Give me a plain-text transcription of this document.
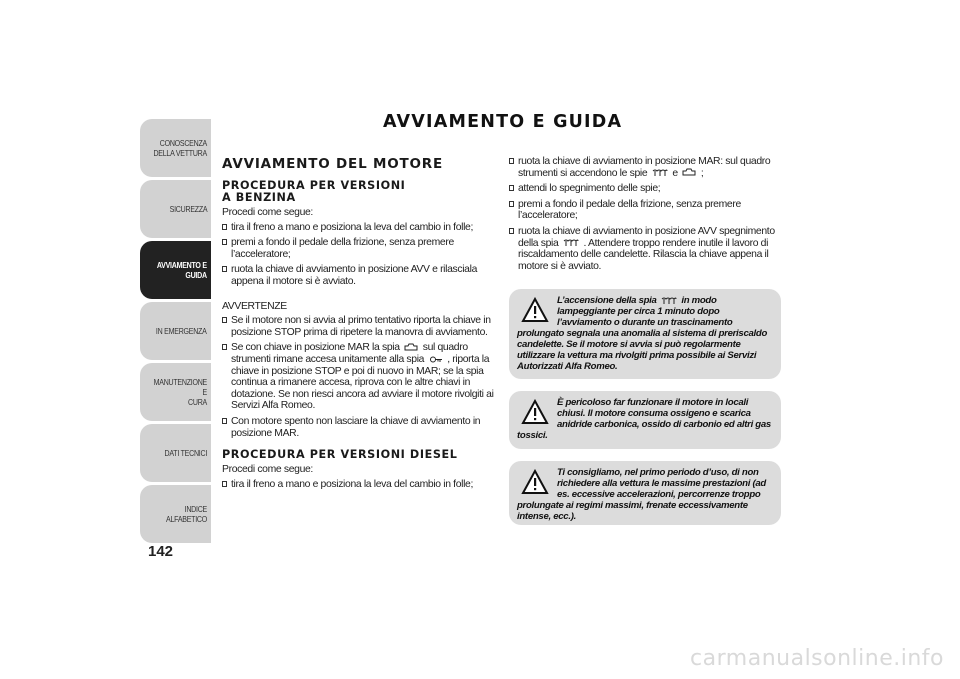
CONOSCENZA
DELLA VETTURA
SICUREZZA
AVVIAMENTO E
GUIDA
IN EMERGENZA
MANUTENZIONE E
CURA
DATI TECNICI
INDICE ALFABETICO
142
AVVIAMENTO E GUIDA
AVVIAMENTO DEL MOTORE
PROCEDURA PER VERSIONI A BENZINA
Procedi come segue:
tira il freno a mano e posiziona la leva del cambio in folle;
premi a fondo il pedale della frizione, senza premere l’acceleratore;
ruota la chiave di avviamento in posizione AVV e rilasciala appena il motore si è avviato.
AVVERTENZE
Se il motore non si avvia al primo tentativo riporta la chiave in posizione STOP prima di ripetere la manovra di avviamento.
Se con chiave in posizione MAR la spia sul quadro strumenti rimane accesa unitamente alla spia , riporta la chiave in posizione STOP e poi di nuovo in MAR; se la spia continua a rimanere accesa, riprova con le altre chiavi in dotazione. Se non riesci ancora ad avviare il motore rivolgiti ai Servizi Alfa Romeo.
Con motore spento non lasciare la chiave di avviamento in posizione MAR.
PROCEDURA PER VERSIONI DIESEL
Procedi come segue:
tira il freno a mano e posiziona la leva del cambio in folle;
ruota la chiave di avviamento in posizione MAR: sul quadro strumenti si accendono le spie e ;
attendi lo spegnimento delle spie;
premi a fondo il pedale della frizione, senza premere l’acceleratore;
ruota la chiave di avviamento in posizione AVV spegnimento della spia . Attendere troppo rendere inutile il lavoro di riscaldamento delle candelette. Rilascia la chiave appena il motore si è avviato.
L’accensione della spia	in modo lampeggiante per circa 1 minuto dopo l’avviamento o durante un trascinamento prolungato segnala una anomalia al sistema di preriscaldo candelette. Se il motore si avvia si può regolarmente utilizzare la vettura ma rivolgiti prima possibile ai Servizi Autorizzati Alfa Romeo.
È pericoloso far funzionare il motore in locali chiusi. Il motore consuma ossigeno e scarica anidride carbonica, ossido di carbonio ed altri gas tossici.
Ti consigliamo, nel primo periodo d’uso, di non richiedere alla vettura le massime prestazioni (ad es. eccessive accelerazioni, percorrenze troppo prolungate ai regimi massimi, frenate eccessivamente intense, ecc.).
carmanualsonline.info
